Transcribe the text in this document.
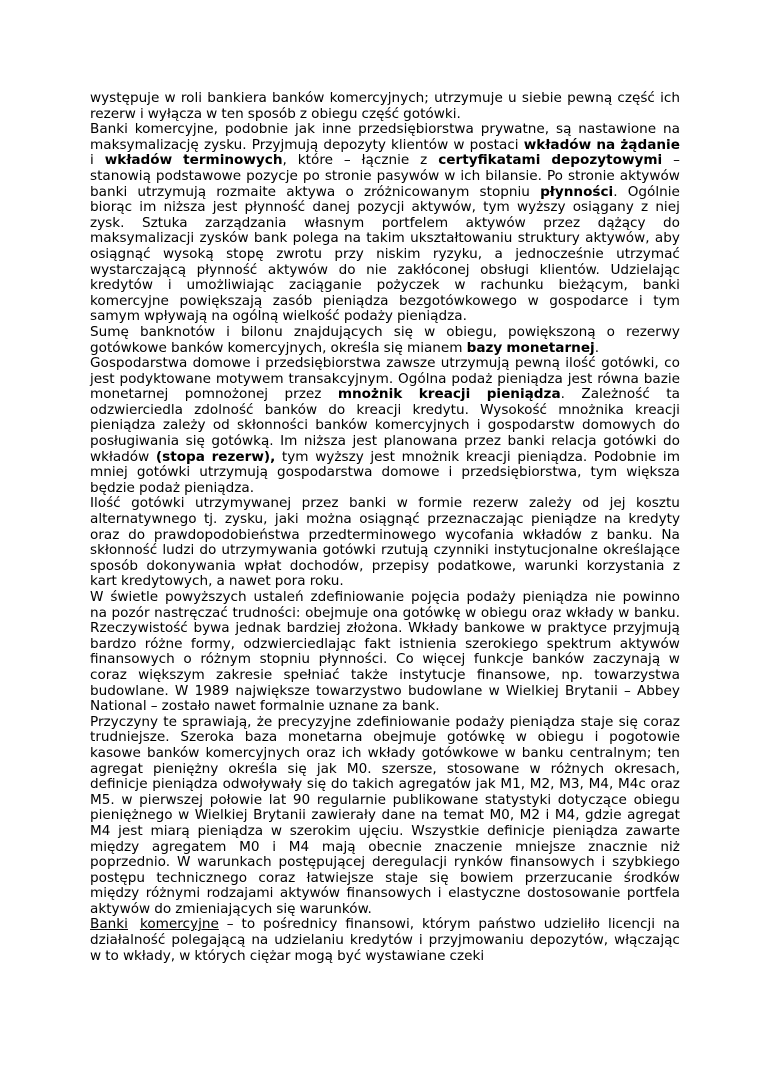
występuje w roli bankiera banków komercyjnych; utrzymuje u siebie pewną część ich
rezerw i wyłącza w ten sposób z obiegu część gotówki.
Banki komercyjne, podobnie jak inne przedsiębiorstwa prywatne, są nastawione na
maksymalizację zysku. Przyjmują depozyty klientów w postaci wkładów na żądanie
i wkładów terminowych, które – łącznie z certyfikatami depozytowymi –
stanowią podstawowe pozycje po stronie pasywów w ich bilansie. Po stronie aktywów
banki utrzymują rozmaite aktywa o zróżnicowanym stopniu płynności. Ogólnie
biorąc im niższa jest płynność danej pozycji aktywów, tym wyższy osiągany z niej
zysk. Sztuka zarządzania własnym portfelem aktywów przez dążący do
maksymalizacji zysków bank polega na takim ukształtowaniu struktury aktywów, aby
osiągnąć wysoką stopę zwrotu przy niskim ryzyku, a jednocześnie utrzymać
wystarczającą płynność aktywów do nie zakłóconej obsługi klientów. Udzielając
kredytów i umożliwiając zaciąganie pożyczek w rachunku bieżącym, banki
komercyjne powiększają zasób pieniądza bezgotówkowego w gospodarce i tym
samym wpływają na ogólną wielkość podaży pieniądza.
Sumę banknotów i bilonu znajdujących się w obiegu, powiększoną o rezerwy
gotówkowe banków komercyjnych, określa się mianem bazy monetarnej.
Gospodarstwa domowe i przedsiębiorstwa zawsze utrzymują pewną ilość gotówki, co
jest podyktowane motywem transakcyjnym. Ogólna podaż pieniądza jest równa bazie
monetarnej pomnożonej przez mnożnik kreacji pieniądza. Zależność ta
odzwierciedla zdolność banków do kreacji kredytu. Wysokość mnożnika kreacji
pieniądza zależy od skłonności banków komercyjnych i gospodarstw domowych do
posługiwania się gotówką. Im niższa jest planowana przez banki relacja gotówki do
wkładów (stopa rezerw), tym wyższy jest mnożnik kreacji pieniądza. Podobnie im
mniej gotówki utrzymują gospodarstwa domowe i przedsiębiorstwa, tym większa
będzie podaż pieniądza.
Ilość gotówki utrzymywanej przez banki w formie rezerw zależy od jej kosztu
alternatywnego tj. zysku, jaki można osiągnąć przeznaczając pieniądze na kredyty
oraz do prawdopodobieństwa przedterminowego wycofania wkładów z banku. Na
skłonność ludzi do utrzymywania gotówki rzutują czynniki instytucjonalne określające
sposób dokonywania wpłat dochodów, przepisy podatkowe, warunki korzystania z
kart kredytowych, a nawet pora roku.
W świetle powyższych ustaleń zdefiniowanie pojęcia podaży pieniądza nie powinno
na pozór nastręczać trudności: obejmuje ona gotówkę w obiegu oraz wkłady w banku.
Rzeczywistość bywa jednak bardziej złożona. Wkłady bankowe w praktyce przyjmują
bardzo różne formy, odzwierciedlając fakt istnienia szerokiego spektrum aktywów
finansowych o różnym stopniu płynności. Co więcej funkcje banków zaczynają w
coraz większym zakresie spełniać także instytucje finansowe, np. towarzystwa
budowlane. W 1989 największe towarzystwo budowlane w Wielkiej Brytanii – Abbey
National – zostało nawet formalnie uznane za bank.
Przyczyny te sprawiają, że precyzyjne zdefiniowanie podaży pieniądza staje się coraz
trudniejsze. Szeroka baza monetarna obejmuje gotówkę w obiegu i pogotowie
kasowe banków komercyjnych oraz ich wkłady gotówkowe w banku centralnym; ten
agregat pieniężny określa się jak M0. szersze, stosowane w różnych okresach,
definicje pieniądza odwoływały się do takich agregatów jak M1, M2, M3, M4, M4c oraz
M5. w pierwszej połowie lat 90 regularnie publikowane statystyki dotyczące obiegu
pieniężnego w Wielkiej Brytanii zawierały dane na temat M0, M2 i M4, gdzie agregat
M4 jest miarą pieniądza w szerokim ujęciu. Wszystkie definicje pieniądza zawarte
między agregatem M0 i M4 mają obecnie znaczenie mniejsze znacznie niż
poprzednio. W warunkach postępującej deregulacji rynków finansowych i szybkiego
postępu technicznego coraz łatwiejsze staje się bowiem przerzucanie środków
między różnymi rodzajami aktywów finansowych i elastyczne dostosowanie portfela
aktywów do zmieniających się warunków.
Banki komercyjne – to pośrednicy finansowi, którym państwo udzieliło licencji na
działalność polegającą na udzielaniu kredytów i przyjmowaniu depozytów, włączając
w to wkłady, w których ciężar mogą być wystawiane czeki
